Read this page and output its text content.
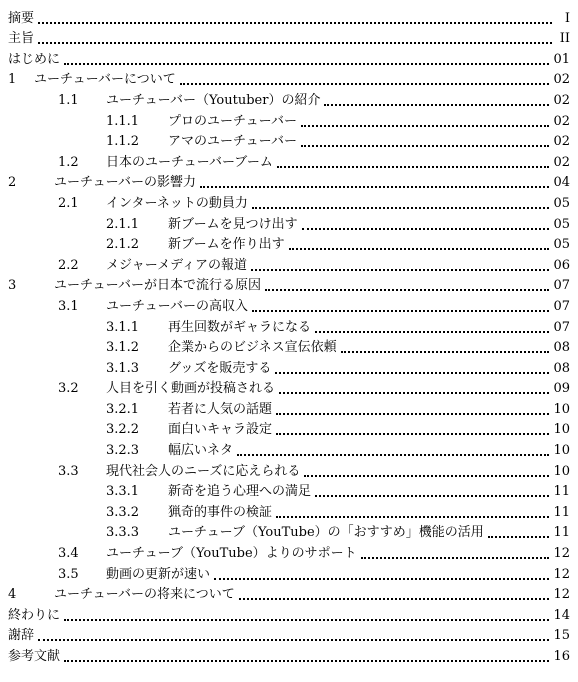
摘要	I
主旨	II
はじめに	01
1	ユーチューバーについて	02
1.1	ユーチューバー（Youtuber）の紹介	02
1.1.1	プロのユーチューバー	02
1.1.2	アマのユーチューバー	02
1.2	日本のユーチューバーブーム	02
2	ユーチューバーの影響力	04
2.1	インターネットの動員力	05
2.1.1	新ブームを見つけ出す	05
2.1.2	新ブームを作り出す	05
2.2	メジャーメディアの報道	06
3	ユーチューバーが日本で流行る原因	07
3.1	ユーチューバーの高収入	07
3.1.1	再生回数がギャラになる	07
3.1.2	企業からのビジネス宣伝依頼	08
3.1.3	グッズを販売する	08
3.2	人目を引く動画が投稿される	09
3.2.1	若者に人気の話題	10
3.2.2	面白いキャラ設定	10
3.2.3	幅広いネタ	10
3.3	現代社会人のニーズに応えられる	10
3.3.1	新奇を追う心理への満足	11
3.3.2	猟奇的事件の検証	11
3.3.3	ユーチューブ（YouTube）の「おすすめ」機能の活用	11
3.4	ユーチューブ（YouTube）よりのサポート	12
3.5	動画の更新が速い	12
4	ユーチューバーの将来について	12
終わりに	14
謝辞	15
参考文献	16
